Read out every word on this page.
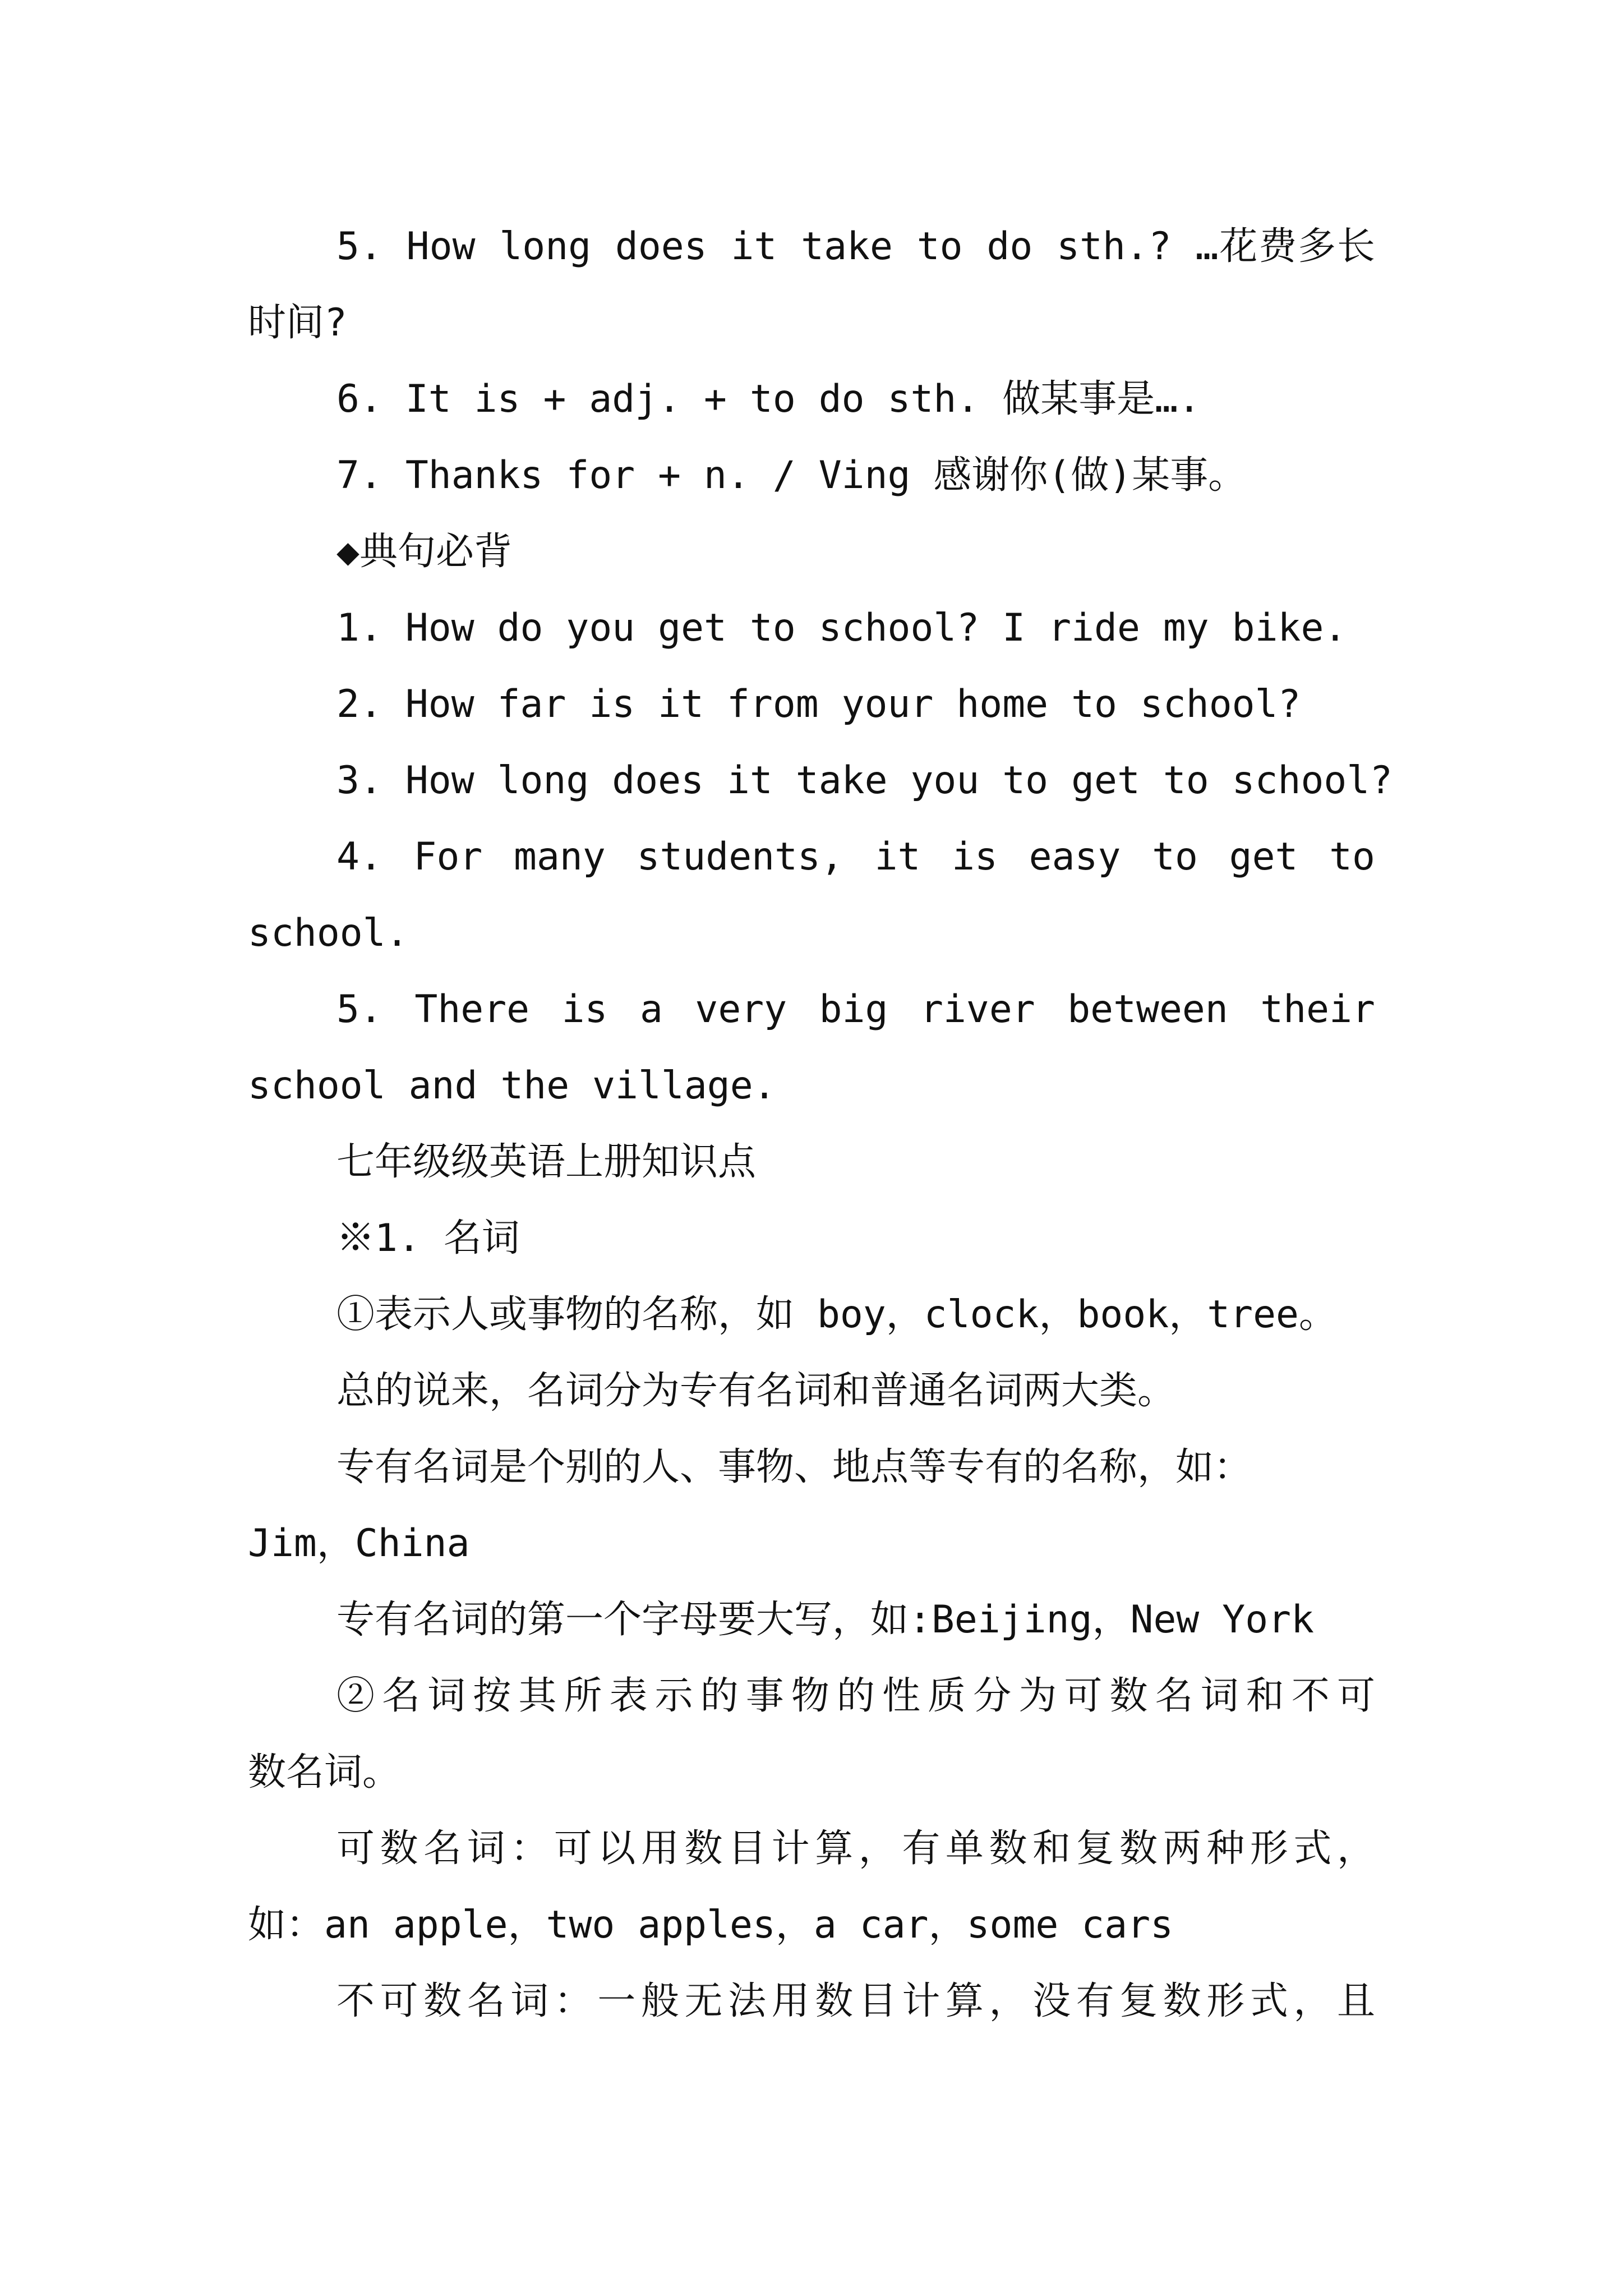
5. How long does it take to do sth.? …花费多长
时间?
6. It is + adj. + to do sth. 做某事是….
7. Thanks for + n. / Ving 感谢你(做)某事。
◆典句必背
1. How do you get to school? I ride my bike.
2. How far is it from your home to school?
3. How long does it take you to get to school?
4. For many students, it is easy to get to
school.
5. There is a very big river between their
school and the village.
七年级级英语上册知识点
※1. 名词
①表示人或事物的名称，如 boy，clock，book，tree。
总的说来，名词分为专有名词和普通名词两大类。
专有名词是个别的人、事物、地点等专有的名称，如：
Jim，China
专有名词的第一个字母要大写，如:Beijing，New York
②名词按其所表示的事物的性质分为可数名词和不可
数名词。
可数名词：可以用数目计算，有单数和复数两种形式，
如：an apple，two apples，a car，some cars
不可数名词：一般无法用数目计算，没有复数形式，且
